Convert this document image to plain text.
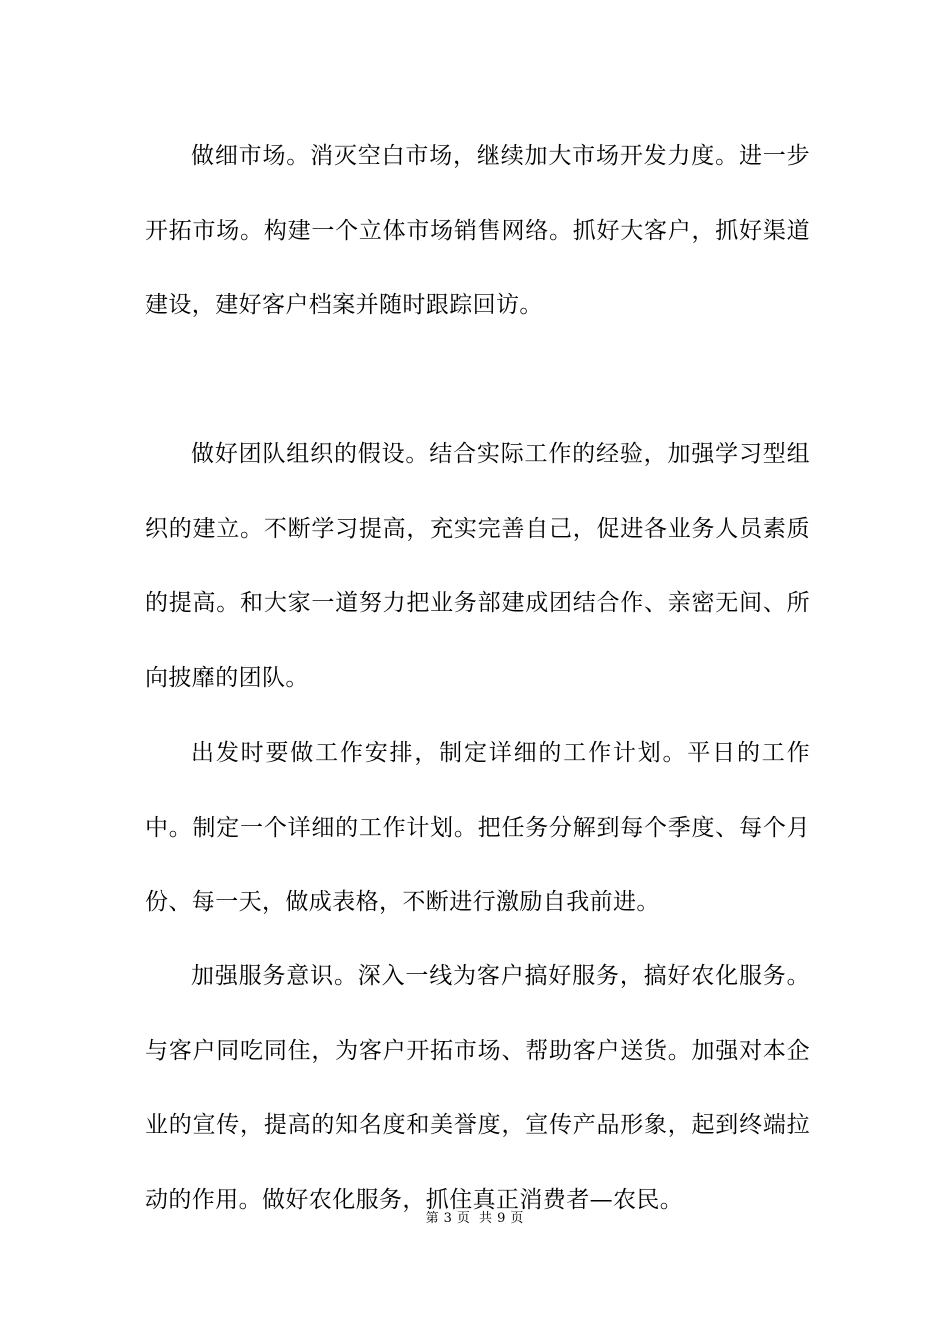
做细市场。消灭空白市场，继续加大市场开发力度。进一步开拓市场。构建一个立体市场销售网络。抓好大客户，抓好渠道建设，建好客户档案并随时跟踪回访。

做好团队组织的假设。结合实际工作的经验，加强学习型组织的建立。不断学习提高，充实完善自己，促进各业务人员素质的提高。和大家一道努力把业务部建成团结合作、亲密无间、所向披靡的团队。

出发时要做工作安排，制定详细的工作计划。平日的工作中。制定一个详细的工作计划。把任务分解到每个季度、每个月份、每一天，做成表格，不断进行激励自我前进。

加强服务意识。深入一线为客户搞好服务，搞好农化服务。与客户同吃同住，为客户开拓市场、帮助客户送货。加强对本企业的宣传，提高的知名度和美誉度，宣传产品形象，起到终端拉动的作用。做好农化服务，抓住真正消费者—农民。

第 3 页 共 9 页
